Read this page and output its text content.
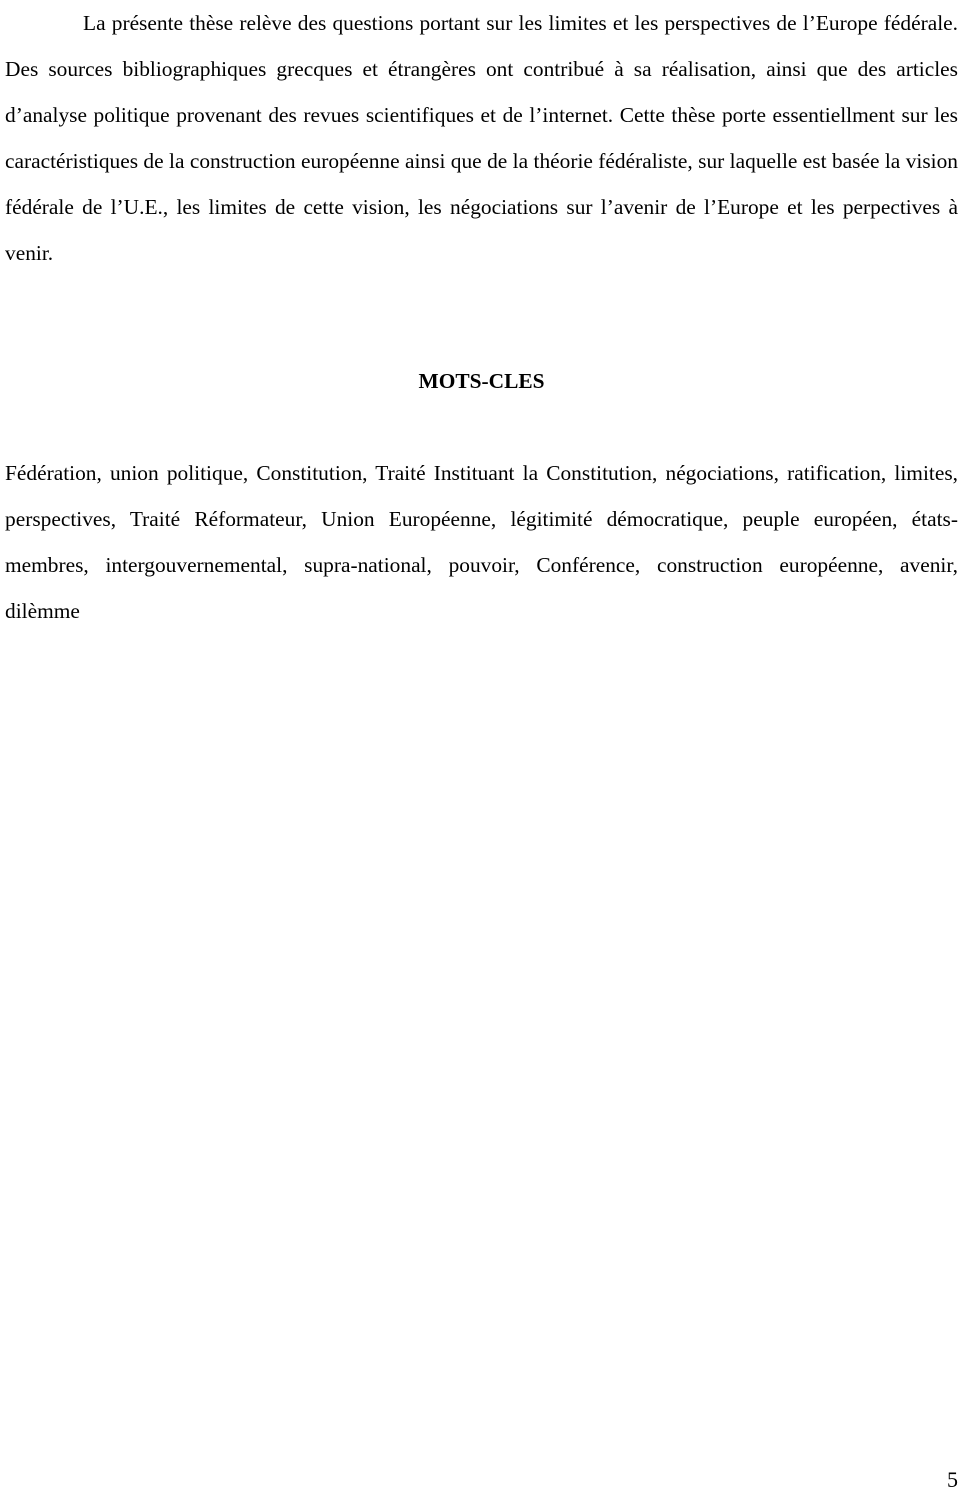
La présente thèse relève des questions portant sur les limites et les perspectives de l’Europe fédérale. Des sources bibliographiques grecques et étrangères ont contribué à sa réalisation, ainsi que des articles d’analyse politique provenant des revues scientifiques et de l’internet. Cette thèse porte essentiellment sur les caractéristiques de la construction européenne ainsi que de la théorie fédéraliste, sur laquelle est basée la vision fédérale de l’U.E., les limites de cette vision, les négociations sur l’avenir de l’Europe et les perpectives à venir.

MOTS-CLES

Fédération, union politique, Constitution, Traité Instituant la Constitution, négociations, ratification, limites, perspectives, Traité Réformateur, Union Européenne, légitimité démocratique, peuple européen, états-membres, intergouvernemental, supra-national, pouvoir, Conférence, construction européenne, avenir, dilèmme

5
